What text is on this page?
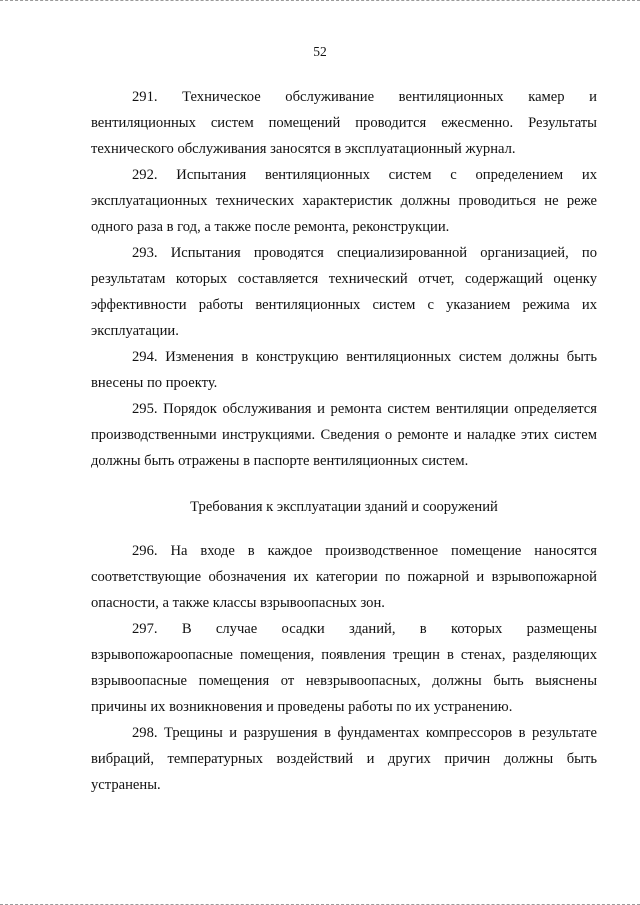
52

291. Техническое обслуживание вентиляционных камер и вентиляционных систем помещений проводится ежесменно. Результаты технического обслуживания заносятся в эксплуатационный журнал.

292. Испытания вентиляционных систем с определением их эксплуатационных технических характеристик должны проводиться не реже одного раза в год, а также после ремонта, реконструкции.

293. Испытания проводятся специализированной организацией, по результатам которых составляется технический отчет, содержащий оценку эффективности работы вентиляционных систем с указанием режима их эксплуатации.

294. Изменения в конструкцию вентиляционных систем должны быть внесены по проекту.

295. Порядок обслуживания и ремонта систем вентиляции определяется производственными инструкциями. Сведения о ремонте и наладке этих систем должны быть отражены в паспорте вентиляционных систем.

Требования к эксплуатации зданий и сооружений

296. На входе в каждое производственное помещение наносятся соответствующие обозначения их категории по пожарной и взрывопожарной опасности, а также классы взрывоопасных зон.

297. В случае осадки зданий, в которых размещены взрывопожароопасные помещения, появления трещин в стенах, разделяющих взрывоопасные помещения от невзрывоопасных, должны быть выяснены причины их возникновения и проведены работы по их устранению.

298. Трещины и разрушения в фундаментах компрессоров в результате вибраций, температурных воздействий и других причин должны быть устранены.
